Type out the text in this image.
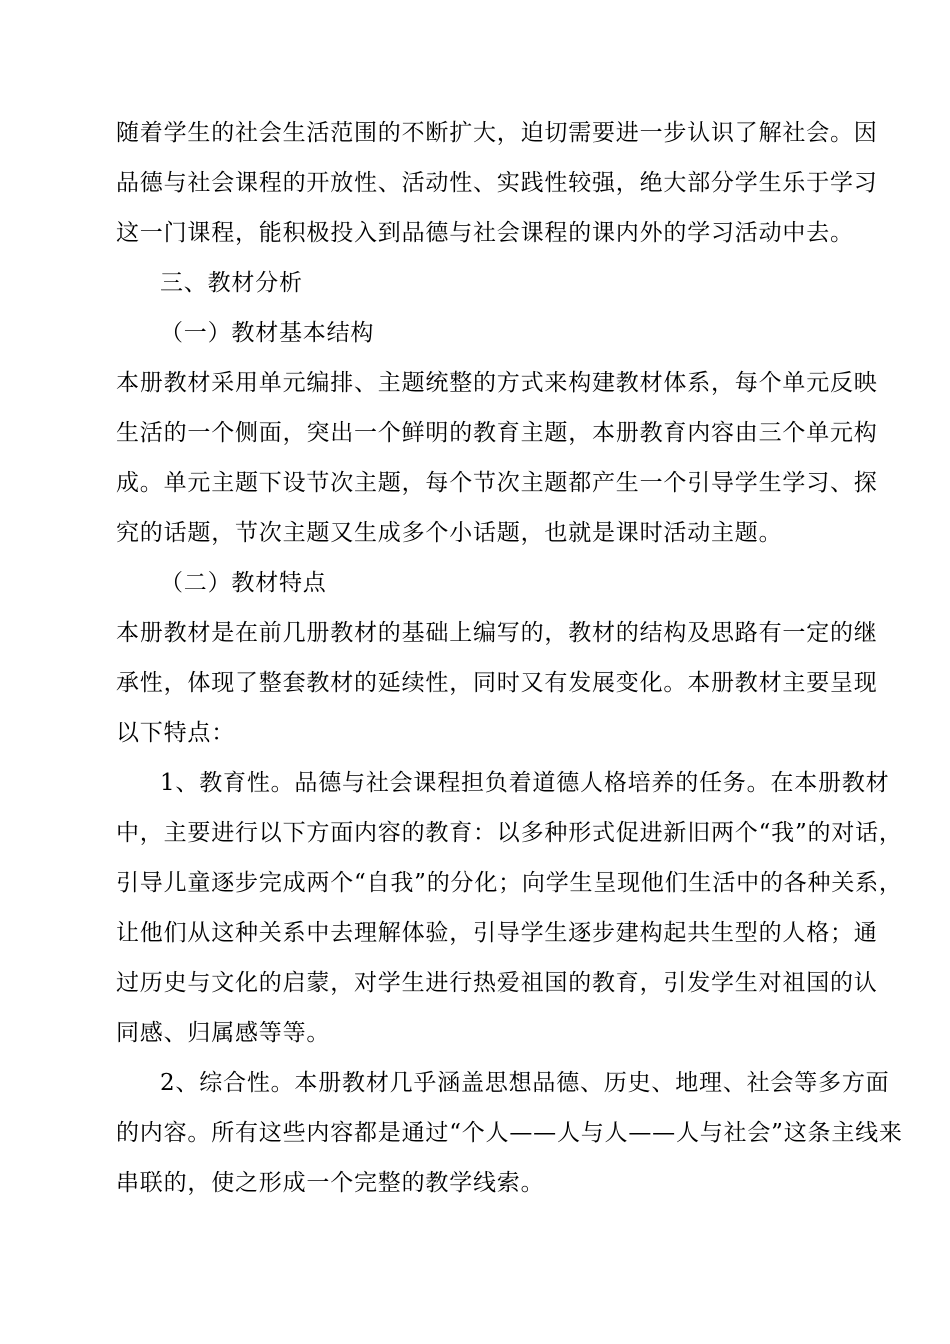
随着学生的社会生活范围的不断扩大，迫切需要进一步认识了解社会。因
品德与社会课程的开放性、活动性、实践性较强，绝大部分学生乐于学习
这一门课程，能积极投入到品德与社会课程的课内外的学习活动中去。
三、教材分析
（一）教材基本结构
本册教材采用单元编排、主题统整的方式来构建教材体系，每个单元反映
生活的一个侧面，突出一个鲜明的教育主题，本册教育内容由三个单元构
成。单元主题下设节次主题，每个节次主题都产生一个引导学生学习、探
究的话题，节次主题又生成多个小话题，也就是课时活动主题。
（二）教材特点
本册教材是在前几册教材的基础上编写的，教材的结构及思路有一定的继
承性，体现了整套教材的延续性，同时又有发展变化。本册教材主要呈现
以下特点：
1、教育性。品德与社会课程担负着道德人格培养的任务。在本册教材
中，主要进行以下方面内容的教育：以多种形式促进新旧两个“我”的对话，
引导儿童逐步完成两个“自我”的分化；向学生呈现他们生活中的各种关系，
让他们从这种关系中去理解体验，引导学生逐步建构起共生型的人格；通
过历史与文化的启蒙，对学生进行热爱祖国的教育，引发学生对祖国的认
同感、归属感等等。
2、综合性。本册教材几乎涵盖思想品德、历史、地理、社会等多方面
的内容。所有这些内容都是通过“个人——人与人——人与社会”这条主线来
串联的，使之形成一个完整的教学线索。
